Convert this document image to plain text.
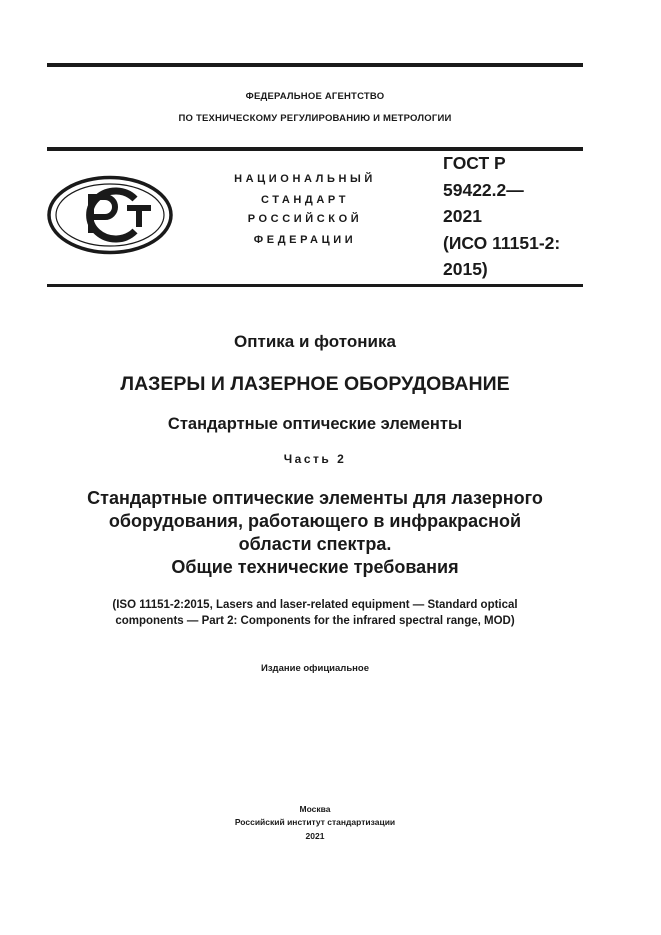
ФЕДЕРАЛЬНОЕ АГЕНТСТВО
ПО ТЕХНИЧЕСКОМУ РЕГУЛИРОВАНИЮ И МЕТРОЛОГИИ
НАЦИОНАЛЬНЫЙ
СТАНДАРТ
РОССИЙСКОЙ
ФЕДЕРАЦИИ
ГОСТ Р
59422.2—
2021
(ИСО 11151-2:
2015)
Оптика и фотоника
ЛАЗЕРЫ И ЛАЗЕРНОЕ ОБОРУДОВАНИЕ
Стандартные оптические элементы
Часть 2
Стандартные оптические элементы для лазерного
оборудования, работающего в инфракрасной
области спектра.
Общие технические требования
(ISO 11151-2:2015, Lasers and laser-related equipment — Standard optical
components — Part 2: Components for the infrared spectral range, MOD)
Издание официальное
Москва
Российский институт стандартизации
2021
